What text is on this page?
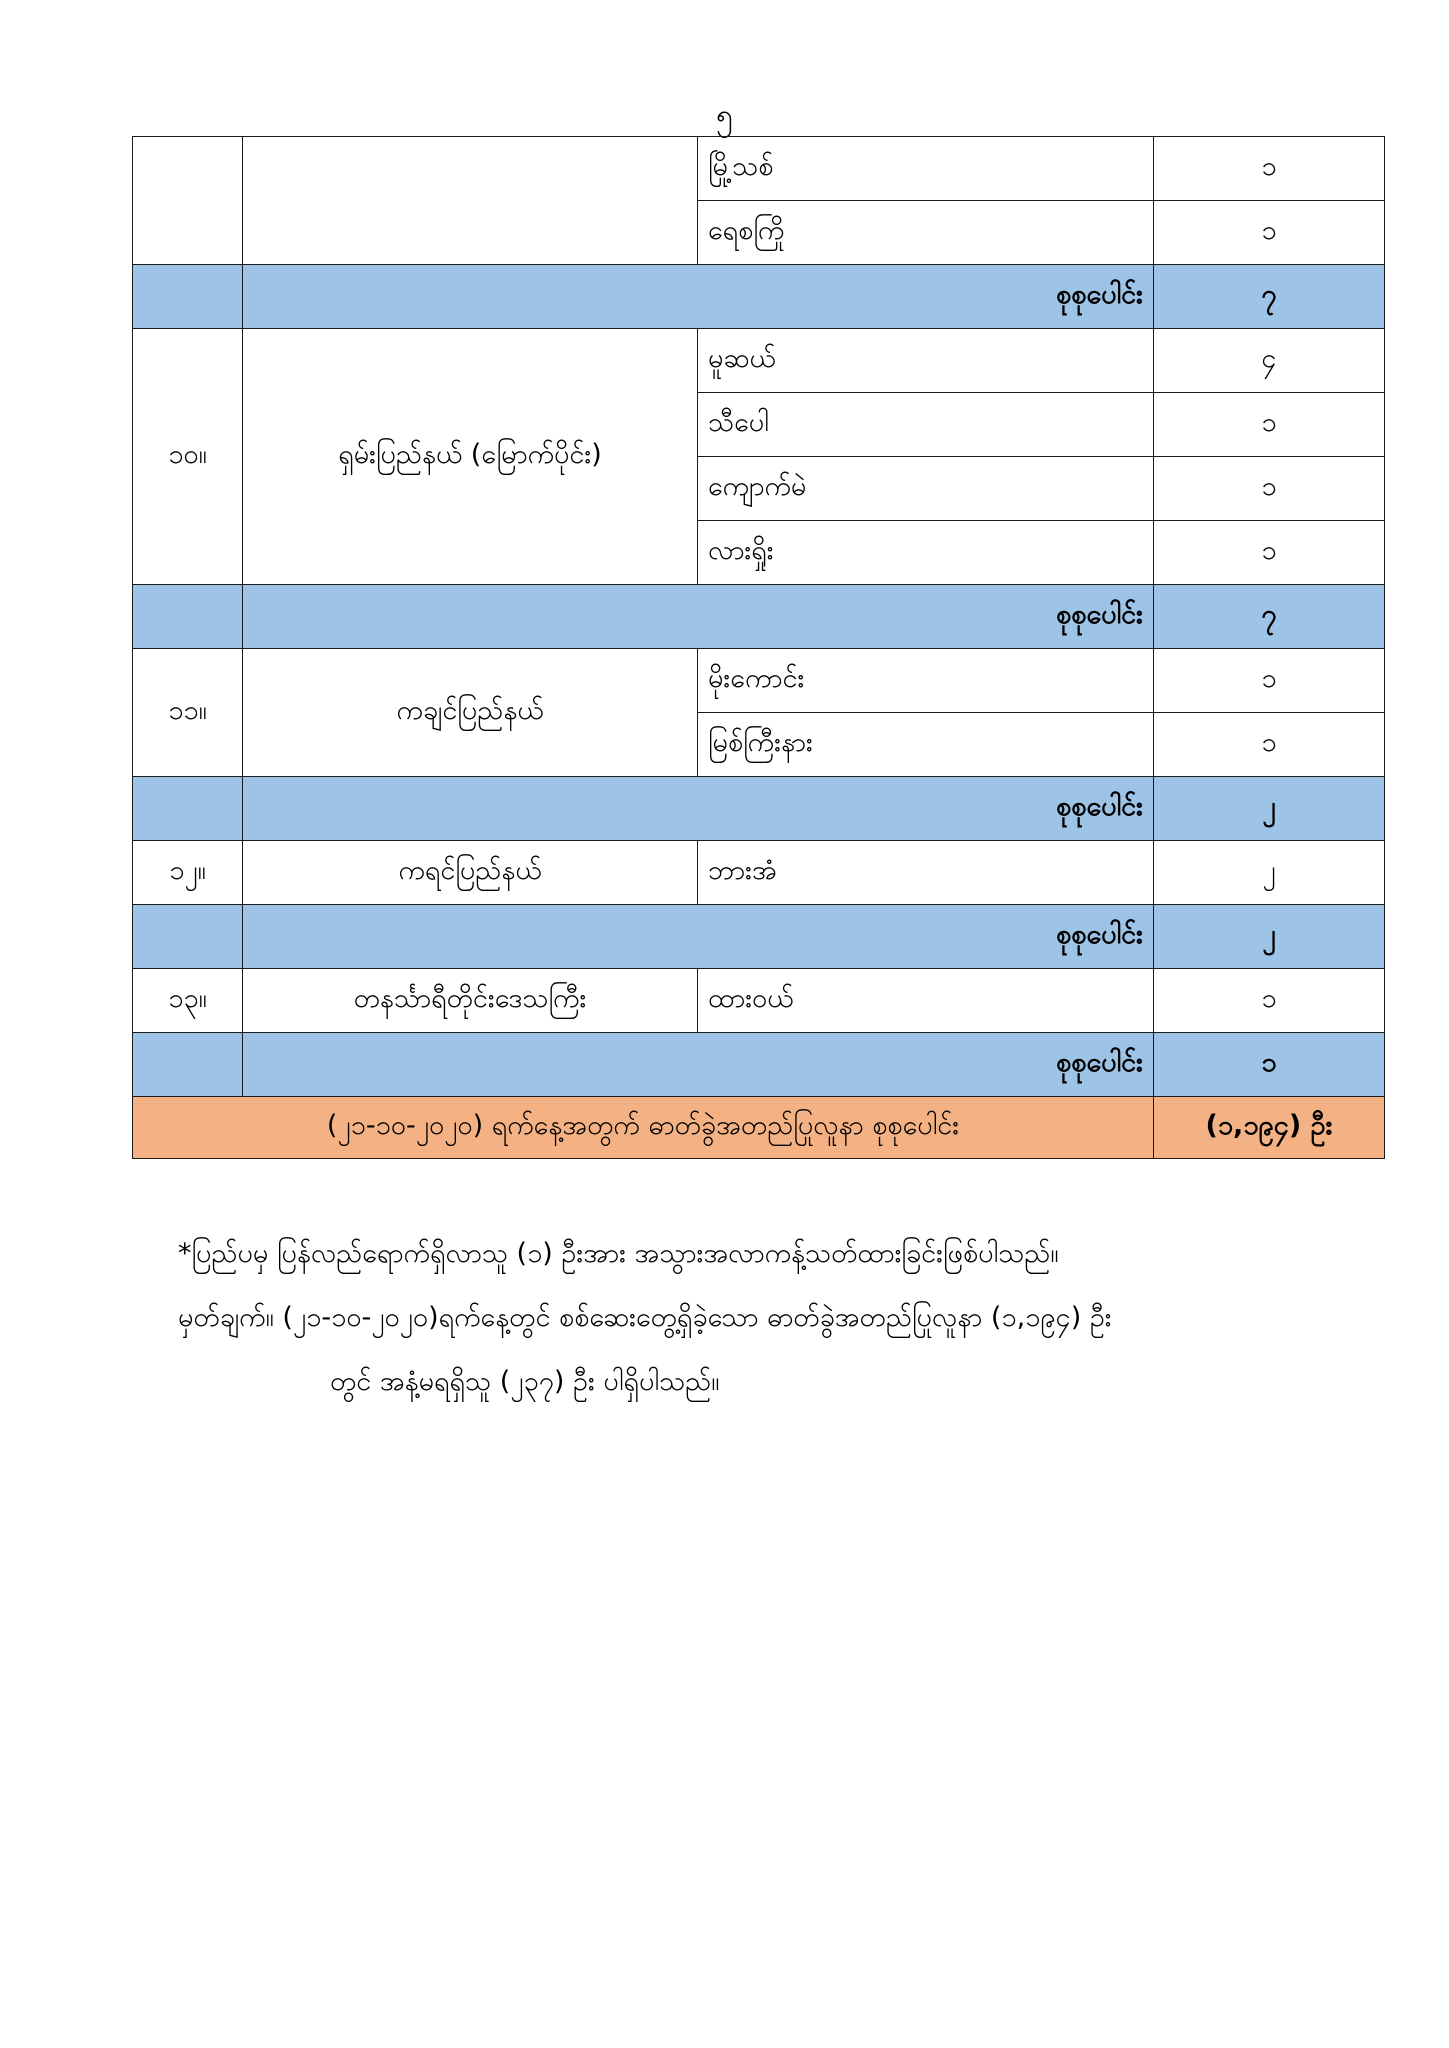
၅
		မြို့သစ်	၁
		ရေစကြို	၁
	စုစုပေါင်း		၇
၁၀။	ရှမ်းပြည်နယ် (မြောက်ပိုင်း)	မူဆယ်	၄
		သီပေါ	၁
		ကျောက်မဲ	၁
		လားရှိုး	၁
	စုစုပေါင်း		၇
၁၁။	ကချင်ပြည်နယ်	မိုးကောင်း	၁
		မြစ်ကြီးနား	၁
	စုစုပေါင်း		၂
၁၂။	ကရင်ပြည်နယ်	ဘားအံ	၂
	စုစုပေါင်း		၂
၁၃။	တနင်္သာရီတိုင်းဒေသကြီး	ထားဝယ်	၁
	စုစုပေါင်း		၁
(၂၁-၁၀-၂၀၂၀) ရက်နေ့အတွက် ဓာတ်ခွဲအတည်ပြုလူနာ စုစုပေါင်း			(၁,၁၉၄) ဦး
*ပြည်ပမှ ပြန်လည်ရောက်ရှိလာသူ (၁) ဦးအား အသွားအလာကန့်သတ်ထားခြင်းဖြစ်ပါသည်။
မှတ်ချက်။ (၂၁-၁၀-၂၀၂၀)ရက်နေ့တွင် စစ်ဆေးတွေ့ရှိခဲ့သော ဓာတ်ခွဲအတည်ပြုလူနာ (၁,၁၉၄) ဦး
တွင် အနံ့မရရှိသူ (၂၃၇) ဦး ပါရှိပါသည်။
